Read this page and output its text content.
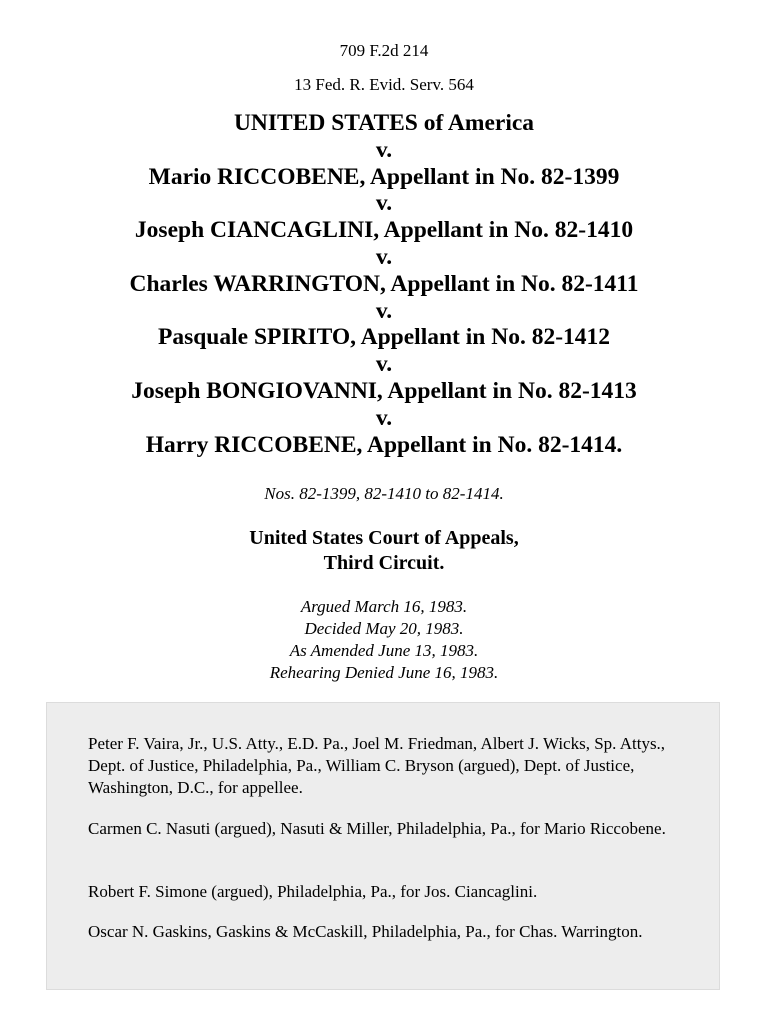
709 F.2d 214
13 Fed. R. Evid. Serv. 564
UNITED STATES of America
v.
Mario RICCOBENE, Appellant in No. 82-1399
v.
Joseph CIANCAGLINI, Appellant in No. 82-1410
v.
Charles WARRINGTON, Appellant in No. 82-1411
v.
Pasquale SPIRITO, Appellant in No. 82-1412
v.
Joseph BONGIOVANNI, Appellant in No. 82-1413
v.
Harry RICCOBENE, Appellant in No. 82-1414.
Nos. 82-1399, 82-1410 to 82-1414.
United States Court of Appeals,
Third Circuit.
Argued March 16, 1983.
Decided May 20, 1983.
As Amended June 13, 1983.
Rehearing Denied June 16, 1983.

Peter F. Vaira, Jr., U.S. Atty., E.D. Pa., Joel M. Friedman, Albert J. Wicks, Sp. Attys., Dept. of Justice, Philadelphia, Pa., William C. Bryson (argued), Dept. of Justice, Washington, D.C., for appellee.

Carmen C. Nasuti (argued), Nasuti & Miller, Philadelphia, Pa., for Mario Riccobene.

Robert F. Simone (argued), Philadelphia, Pa., for Jos. Ciancaglini.

Oscar N. Gaskins, Gaskins & McCaskill, Philadelphia, Pa., for Chas. Warrington.
